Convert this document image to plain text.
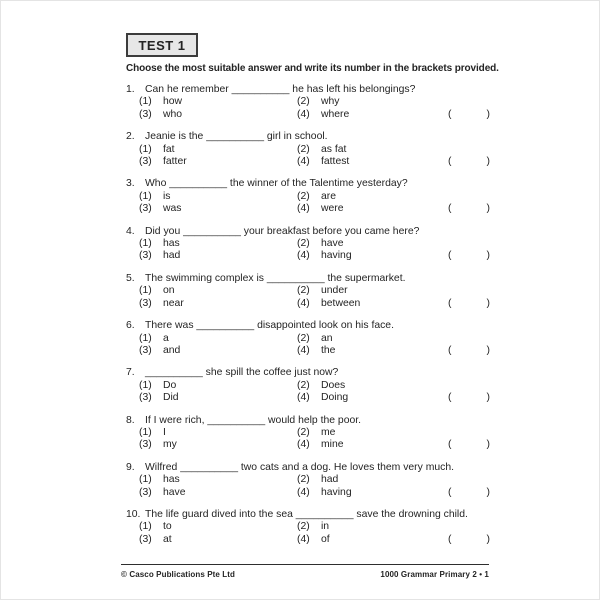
TEST 1
Choose the most suitable answer and write its number in the brackets provided.
1. Can he remember __________ he has left his belongings?
(1)	how	(2)	why
(3)	who	(4)	where	(	)
2. Jeanie is the __________ girl in school.
(1)	fat	(2)	as fat
(3)	fatter	(4)	fattest	(	)
3. Who __________ the winner of the Talentime yesterday?
(1)	is	(2)	are
(3)	was	(4)	were	(	)
4. Did you __________ your breakfast before you came here?
(1)	has	(2)	have
(3)	had	(4)	having	(	)
5. The swimming complex is __________ the supermarket.
(1)	on	(2)	under
(3)	near	(4)	between	(	)
6. There was __________ disappointed look on his face.
(1)	a	(2)	an
(3)	and	(4)	the	(	)
7. __________ she spill the coffee just now?
(1)	Do	(2)	Does
(3)	Did	(4)	Doing	(	)
8. If I were rich, __________ would help the poor.
(1)	I	(2)	me
(3)	my	(4)	mine	(	)
9. Wilfred __________ two cats and a dog. He loves them very much.
(1)	has	(2)	had
(3)	have	(4)	having	(	)
10. The life guard dived into the sea __________ save the drowning child.
(1)	to	(2)	in
(3)	at	(4)	of	(	)
© Casco Publications Pte Ltd	1000 Grammar Primary 2 • 1
